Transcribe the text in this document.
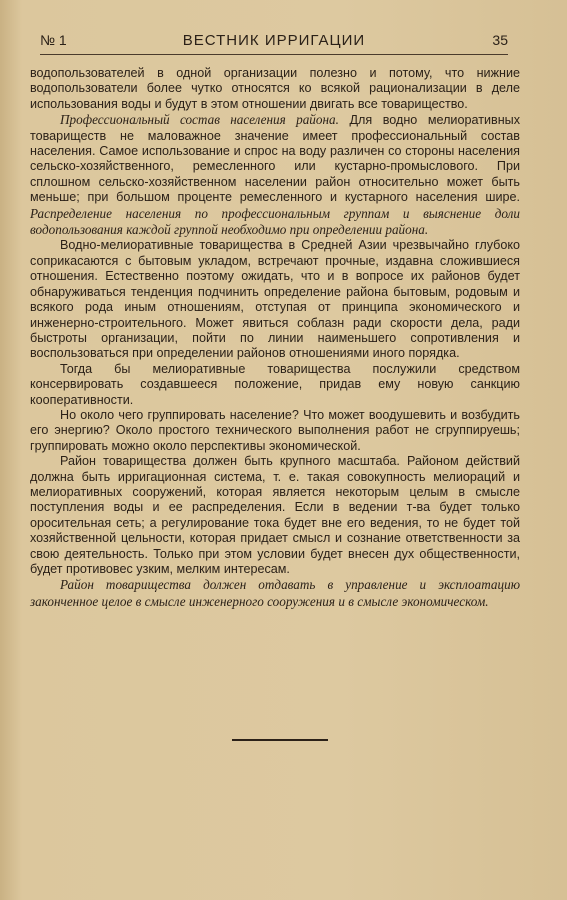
№ 1	ВЕСТНИК ИРРИГАЦИИ	35

водопользователей в одной организации полезно и потому, что нижние водопользователи более чутко относятся ко всякой рационализации в деле использования воды и будут в этом отношении двигать все товарищество.

Профессиональный состав населения района. Для водно мелиоративных товариществ не маловажное значение имеет профессиональный состав населения. Самое использование и спрос на воду различен со стороны населения сельско-хозяйственного, ремесленного или кустарно-промыслового. При сплошном сельско-хозяйственном населении район относительно может быть меньше; при большом проценте ремесленного и кустарного населения шире. Распределение населения по профессиональным группам и выяснение доли водопользования каждой группой необходимо при определении района.

Водно-мелиоративные товарищества в Средней Азии чрезвычайно глубоко соприкасаются с бытовым укладом, встречают прочные, издавна сложившиеся отношения. Естественно поэтому ожидать, что и в вопросе их районов будет обнаруживаться тенденция подчинить определение района бытовым, родовым и всякого рода иным отношениям, отступая от принципа экономического и инженерно-строительного. Может явиться соблазн ради скорости дела, ради быстроты организации, пойти по линии наименьшего сопротивления и воспользоваться при определении районов отношениями иного порядка.

Тогда бы мелиоративные товарищества послужили средством консервировать создавшееся положение, придав ему новую санкцию кооперативности.

Но около чего группировать население? Что может воодушевить и возбудить его энергию? Около простого технического выполнения работ не сгруппируешь; группировать можно около перспективы экономической.

Район товарищества должен быть крупного масштаба. Районом действий должна быть ирригационная система, т. е. такая совокупность мелиораций и мелиоративных сооружений, которая является некоторым целым в смысле поступления воды и ее распределения. Если в ведении т-ва будет только оросительная сеть; а регулирование тока будет вне его ведения, то не будет той хозяйственной цельности, которая придает смысл и сознание ответственности за свою деятельность. Только при этом условии будет внесен дух общественности, будет противовес узким, мелким интересам.

Район товарищества должен отдавать в управление и эксплоатацию законченное целое в смысле инженерного сооружения и в смысле экономическом.
